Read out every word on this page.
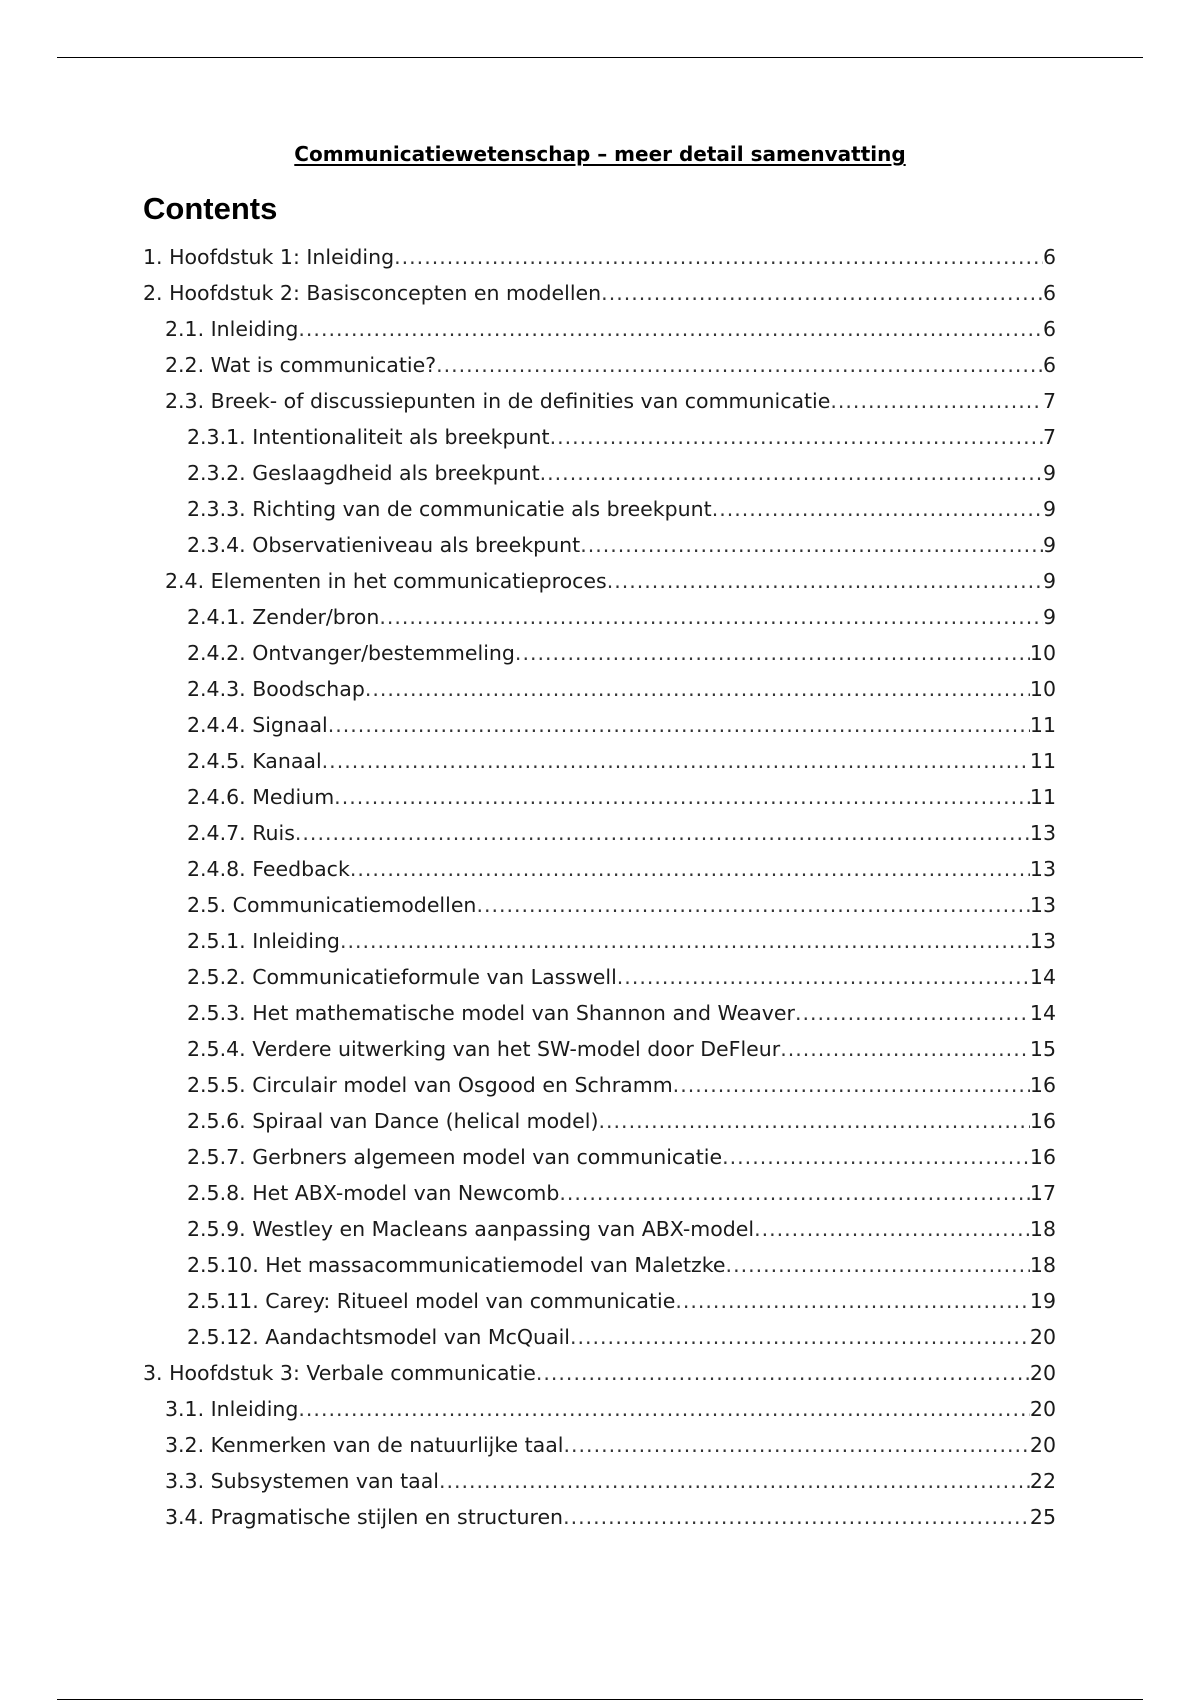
Communicatiewetenschap – meer detail samenvatting
Contents
1. Hoofdstuk 1: Inleiding .....	6
2. Hoofdstuk 2: Basisconcepten en modellen .....	6
2.1. Inleiding .....	6
2.2. Wat is communicatie? .....	6
2.3. Breek- of discussiepunten in de definities van communicatie .....	7
2.3.1. Intentionaliteit als breekpunt .....	7
2.3.2. Geslaagdheid als breekpunt .....	9
2.3.3. Richting van de communicatie als breekpunt .....	9
2.3.4. Observatieniveau als breekpunt .....	9
2.4. Elementen in het communicatieproces .....	9
2.4.1. Zender/bron .....	9
2.4.2. Ontvanger/bestemmeling .....	10
2.4.3. Boodschap .....	10
2.4.4. Signaal .....	11
2.4.5. Kanaal .....	11
2.4.6. Medium .....	11
2.4.7. Ruis .....	13
2.4.8. Feedback .....	13
2.5. Communicatiemodellen .....	13
2.5.1. Inleiding .....	13
2.5.2. Communicatieformule van Lasswell .....	14
2.5.3. Het mathematische model van Shannon and Weaver .....	14
2.5.4. Verdere uitwerking van het SW-model door DeFleur .....	15
2.5.5. Circulair model van Osgood en Schramm .....	16
2.5.6. Spiraal van Dance (helical model) .....	16
2.5.7. Gerbners algemeen model van communicatie .....	16
2.5.8. Het ABX-model van Newcomb .....	17
2.5.9. Westley en Macleans aanpassing van ABX-model .....	18
2.5.10. Het massacommunicatiemodel van Maletzke .....	18
2.5.11. Carey: Ritueel model van communicatie .....	19
2.5.12. Aandachtsmodel van McQuail .....	20
3. Hoofdstuk 3: Verbale communicatie .....	20
3.1. Inleiding .....	20
3.2. Kenmerken van de natuurlijke taal .....	20
3.3. Subsystemen van taal .....	22
3.4. Pragmatische stijlen en structuren .....	25
